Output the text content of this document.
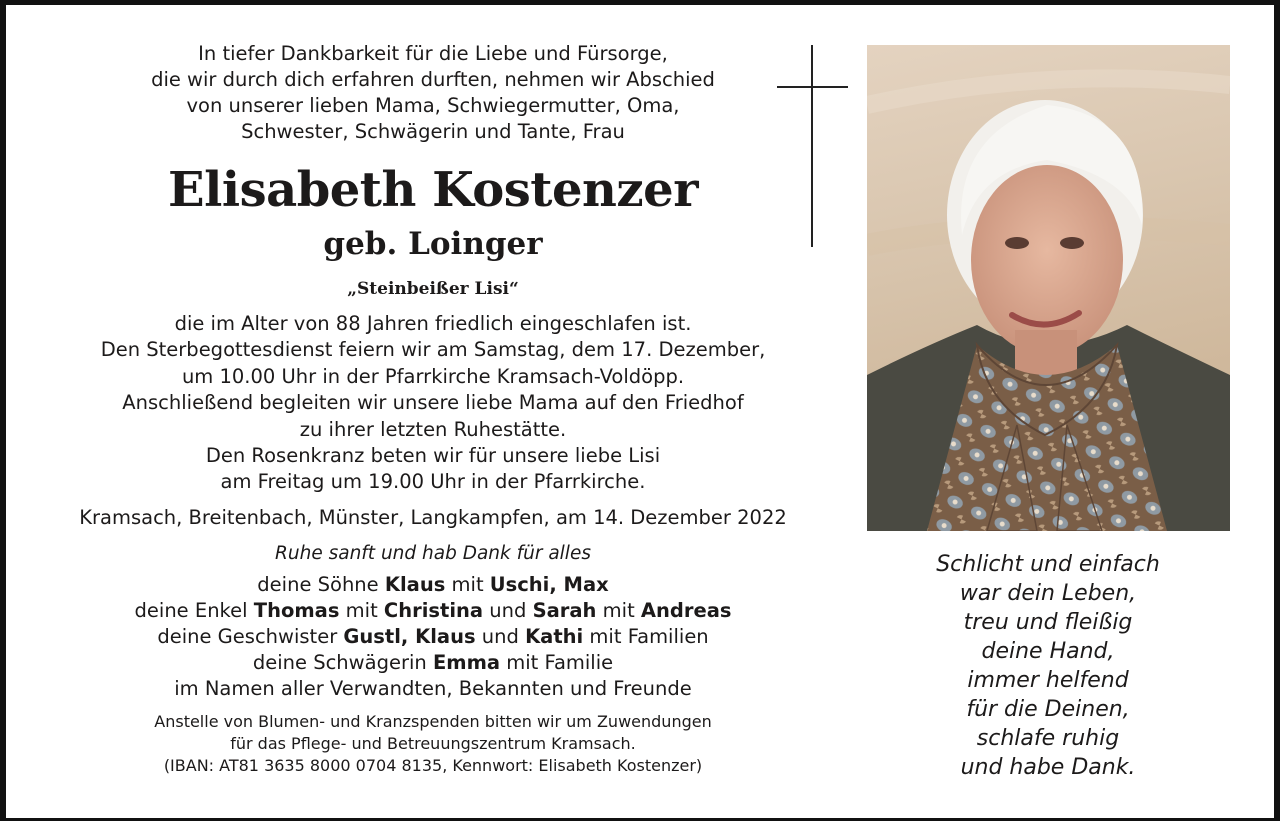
In tiefer Dankbarkeit für die Liebe und Fürsorge,
die wir durch dich erfahren durften, nehmen wir Abschied
von unserer lieben Mama, Schwiegermutter, Oma,
Schwester, Schwägerin und Tante, Frau
Elisabeth Kostenzer
geb. Loinger
„Steinbeißer Lisi“
die im Alter von 88 Jahren friedlich eingeschlafen ist.
Den Sterbegottesdienst feiern wir am Samstag, dem 17. Dezember,
um 10.00 Uhr in der Pfarrkirche Kramsach-Voldöpp.
Anschließend begleiten wir unsere liebe Mama auf den Friedhof
zu ihrer letzten Ruhestätte.
Den Rosenkranz beten wir für unsere liebe Lisi
am Freitag um 19.00 Uhr in der Pfarrkirche.
Kramsach, Breitenbach, Münster, Langkampfen, am 14. Dezember 2022
Ruhe sanft und hab Dank für alles
deine Söhne Klaus mit Uschi, Max
deine Enkel Thomas mit Christina und Sarah mit Andreas
deine Geschwister Gustl, Klaus und Kathi mit Familien
deine Schwägerin Emma mit Familie
im Namen aller Verwandten, Bekannten und Freunde
Anstelle von Blumen- und Kranzspenden bitten wir um Zuwendungen
für das Pflege- und Betreuungszentrum Kramsach.
(IBAN: AT81 3635 8000 0704 8135, Kennwort: Elisabeth Kostenzer)
Schlicht und einfach
war dein Leben,
treu und fleißig
deine Hand,
immer helfend
für die Deinen,
schlafe ruhig
und habe Dank.
